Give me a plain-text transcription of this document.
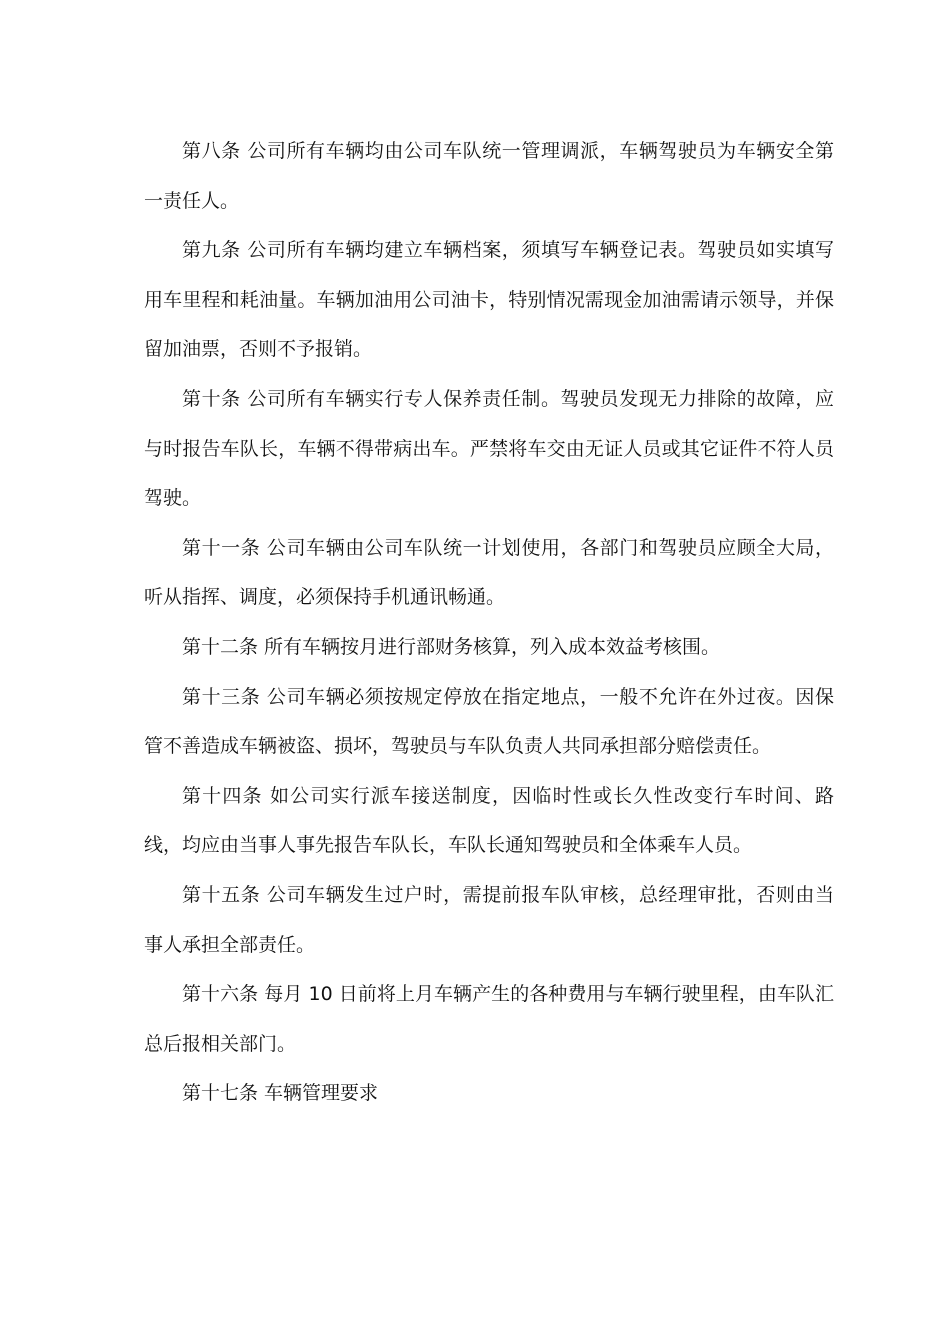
第八条 公司所有车辆均由公司车队统一管理调派，车辆驾驶员为车辆安全第一责任人。

第九条 公司所有车辆均建立车辆档案，须填写车辆登记表。驾驶员如实填写用车里程和耗油量。车辆加油用公司油卡，特别情况需现金加油需请示领导，并保留加油票，否则不予报销。

第十条 公司所有车辆实行专人保养责任制。驾驶员发现无力排除的故障，应与时报告车队长，车辆不得带病出车。严禁将车交由无证人员或其它证件不符人员驾驶。

第十一条 公司车辆由公司车队统一计划使用，各部门和驾驶员应顾全大局，听从指挥、调度，必须保持手机通讯畅通。

第十二条 所有车辆按月进行部财务核算，列入成本效益考核围。

第十三条 公司车辆必须按规定停放在指定地点，一般不允许在外过夜。因保管不善造成车辆被盗、损坏，驾驶员与车队负责人共同承担部分赔偿责任。

第十四条 如公司实行派车接送制度，因临时性或长久性改变行车时间、路线，均应由当事人事先报告车队长，车队长通知驾驶员和全体乘车人员。

第十五条 公司车辆发生过户时，需提前报车队审核，总经理审批，否则由当事人承担全部责任。

第十六条 每月 10 日前将上月车辆产生的各种费用与车辆行驶里程，由车队汇总后报相关部门。

第十七条 车辆管理要求
